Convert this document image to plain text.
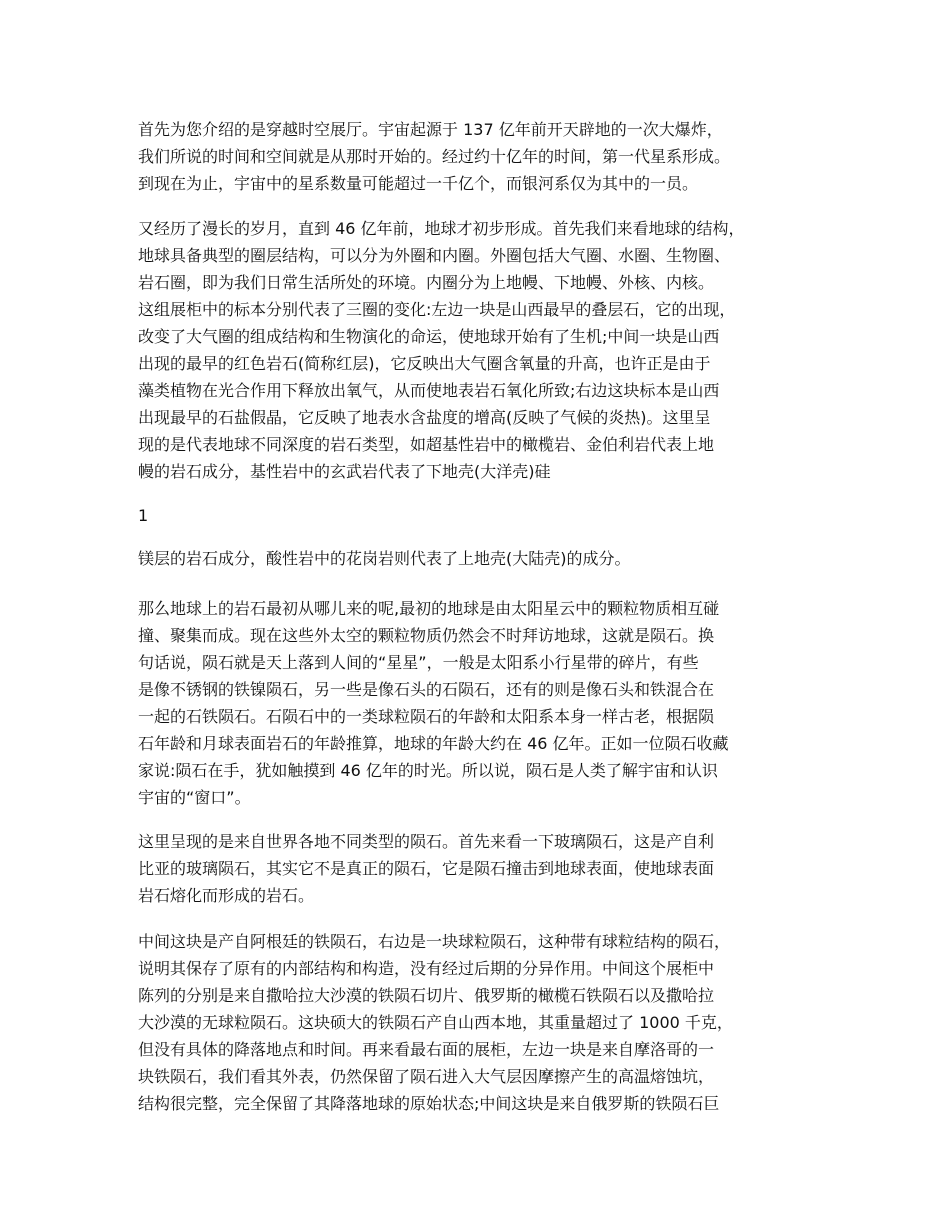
首先为您介绍的是穿越时空展厅。宇宙起源于 137 亿年前开天辟地的一次大爆炸，
我们所说的时间和空间就是从那时开始的。经过约十亿年的时间，第一代星系形成。
到现在为止，宇宙中的星系数量可能超过一千亿个，而银河系仅为其中的一员。
又经历了漫长的岁月，直到 46 亿年前，地球才初步形成。首先我们来看地球的结构，
地球具备典型的圈层结构，可以分为外圈和内圈。外圈包括大气圈、水圈、生物圈、
岩石圈，即为我们日常生活所处的环境。内圈分为上地幔、下地幔、外核、内核。
这组展柜中的标本分别代表了三圈的变化:左边一块是山西最早的叠层石，它的出现，
改变了大气圈的组成结构和生物演化的命运，使地球开始有了生机;中间一块是山西
出现的最早的红色岩石(简称红层)，它反映出大气圈含氧量的升高，也许正是由于
藻类植物在光合作用下释放出氧气，从而使地表岩石氧化所致;右边这块标本是山西
出现最早的石盐假晶，它反映了地表水含盐度的增高(反映了气候的炎热)。这里呈
现的是代表地球不同深度的岩石类型，如超基性岩中的橄榄岩、金伯利岩代表上地
幔的岩石成分，基性岩中的玄武岩代表了下地壳(大洋壳)硅
1
镁层的岩石成分，酸性岩中的花岗岩则代表了上地壳(大陆壳)的成分。
那么地球上的岩石最初从哪儿来的呢,最初的地球是由太阳星云中的颗粒物质相互碰
撞、聚集而成。现在这些外太空的颗粒物质仍然会不时拜访地球，这就是陨石。换
句话说，陨石就是天上落到人间的“星星”，一般是太阳系小行星带的碎片，有些
是像不锈钢的铁镍陨石，另一些是像石头的石陨石，还有的则是像石头和铁混合在
一起的石铁陨石。石陨石中的一类球粒陨石的年龄和太阳系本身一样古老，根据陨
石年龄和月球表面岩石的年龄推算，地球的年龄大约在 46 亿年。正如一位陨石收藏
家说:陨石在手，犹如触摸到 46 亿年的时光。所以说，陨石是人类了解宇宙和认识
宇宙的“窗口”。
这里呈现的是来自世界各地不同类型的陨石。首先来看一下玻璃陨石，这是产自利
比亚的玻璃陨石，其实它不是真正的陨石，它是陨石撞击到地球表面，使地球表面
岩石熔化而形成的岩石。
中间这块是产自阿根廷的铁陨石，右边是一块球粒陨石，这种带有球粒结构的陨石，
说明其保存了原有的内部结构和构造，没有经过后期的分异作用。中间这个展柜中
陈列的分别是来自撒哈拉大沙漠的铁陨石切片、俄罗斯的橄榄石铁陨石以及撒哈拉
大沙漠的无球粒陨石。这块硕大的铁陨石产自山西本地，其重量超过了 1000 千克，
但没有具体的降落地点和时间。再来看最右面的展柜，左边一块是来自摩洛哥的一
块铁陨石，我们看其外表，仍然保留了陨石进入大气层因摩擦产生的高温熔蚀坑，
结构很完整，完全保留了其降落地球的原始状态;中间这块是来自俄罗斯的铁陨石巨
